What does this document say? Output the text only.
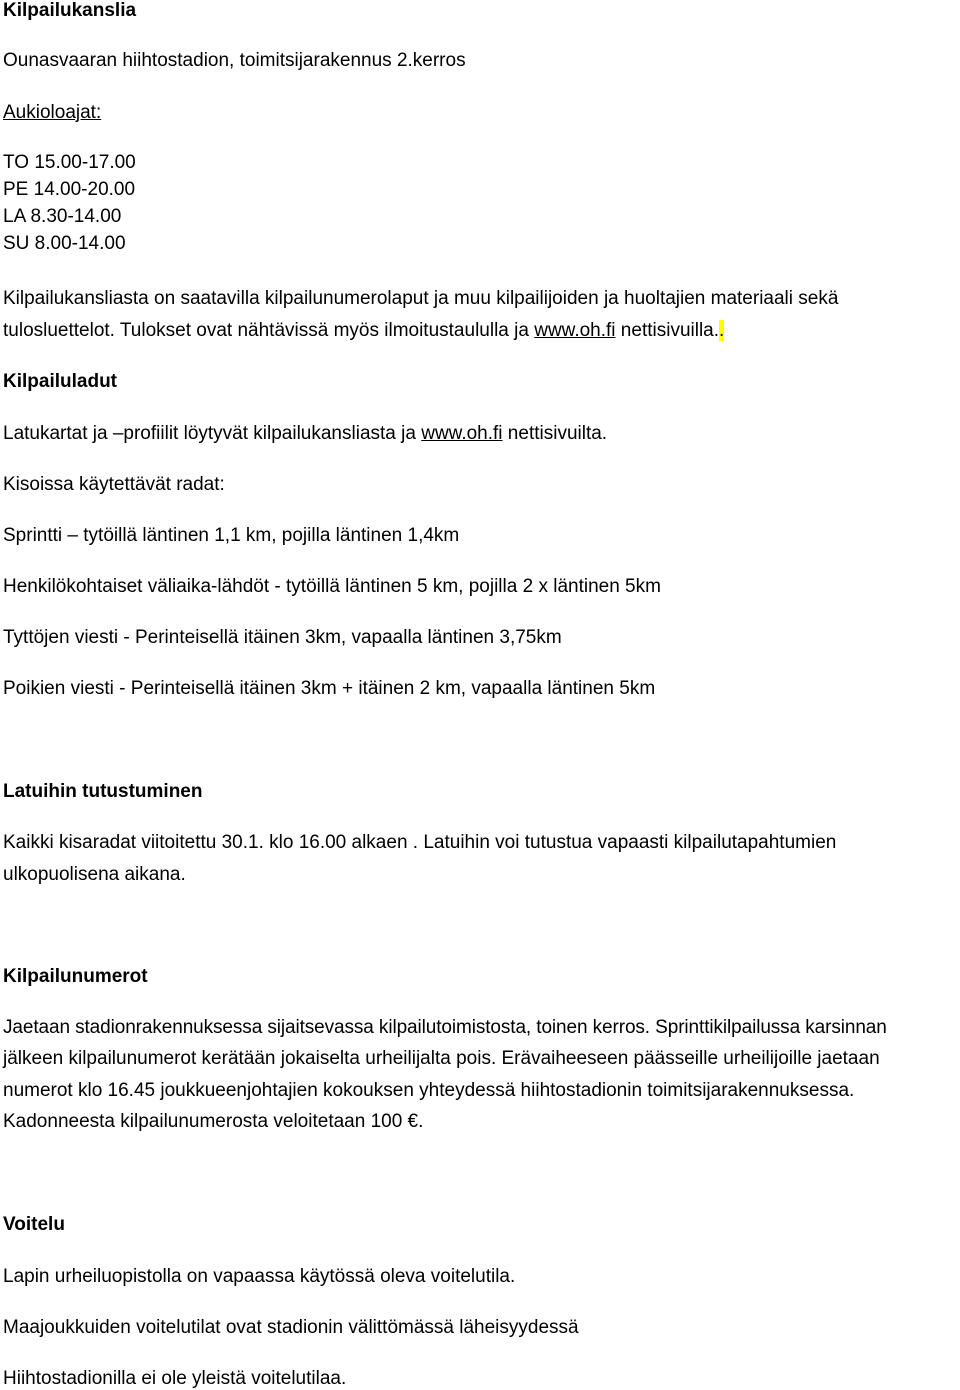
Kilpailukanslia
Ounasvaaran hiihtostadion, toimitsijarakennus 2.kerros
Aukioloajat:
TO 15.00-17.00
PE 14.00-20.00
LA 8.30-14.00
SU 8.00-14.00
Kilpailukansliasta on saatavilla kilpailunumerolaput ja muu kilpailijoiden ja huoltajien materiaali sekä
tulosluettelot. Tulokset ovat nähtävissä myös ilmoitustaululla ja www.oh.fi nettisivuilla..
Kilpailuladut
Latukartat ja –profiilit löytyvät kilpailukansliasta ja www.oh.fi nettisivuilta.
Kisoissa käytettävät radat:
Sprintti – tytöillä läntinen 1,1 km, pojilla läntinen 1,4km
Henkilökohtaiset väliaika-lähdöt - tytöillä läntinen 5 km, pojilla 2 x läntinen 5km
Tyttöjen viesti - Perinteisellä itäinen 3km, vapaalla läntinen 3,75km
Poikien viesti - Perinteisellä itäinen 3km + itäinen 2 km, vapaalla läntinen 5km
Latuihin tutustuminen
Kaikki kisaradat viitoitettu 30.1. klo 16.00 alkaen . Latuihin voi tutustua vapaasti kilpailutapahtumien
ulkopuolisena aikana.
Kilpailunumerot
Jaetaan stadionrakennuksessa sijaitsevassa kilpailutoimistosta, toinen kerros. Sprinttikilpailussa karsinnan
jälkeen kilpailunumerot kerätään jokaiselta urheilijalta pois. Erävaiheeseen päässeille urheilijoille jaetaan
numerot klo 16.45 joukkueenjohtajien kokouksen yhteydessä hiihtostadionin toimitsijarakennuksessa.
Kadonneesta kilpailunumerosta veloitetaan 100 €.
Voitelu
Lapin urheiluopistolla on vapaassa käytössä oleva voitelutila.
Maajoukkuiden voitelutilat ovat stadionin välittömässä läheisyydessä
Hiihtostadionilla ei ole yleistä voitelutilaa.
